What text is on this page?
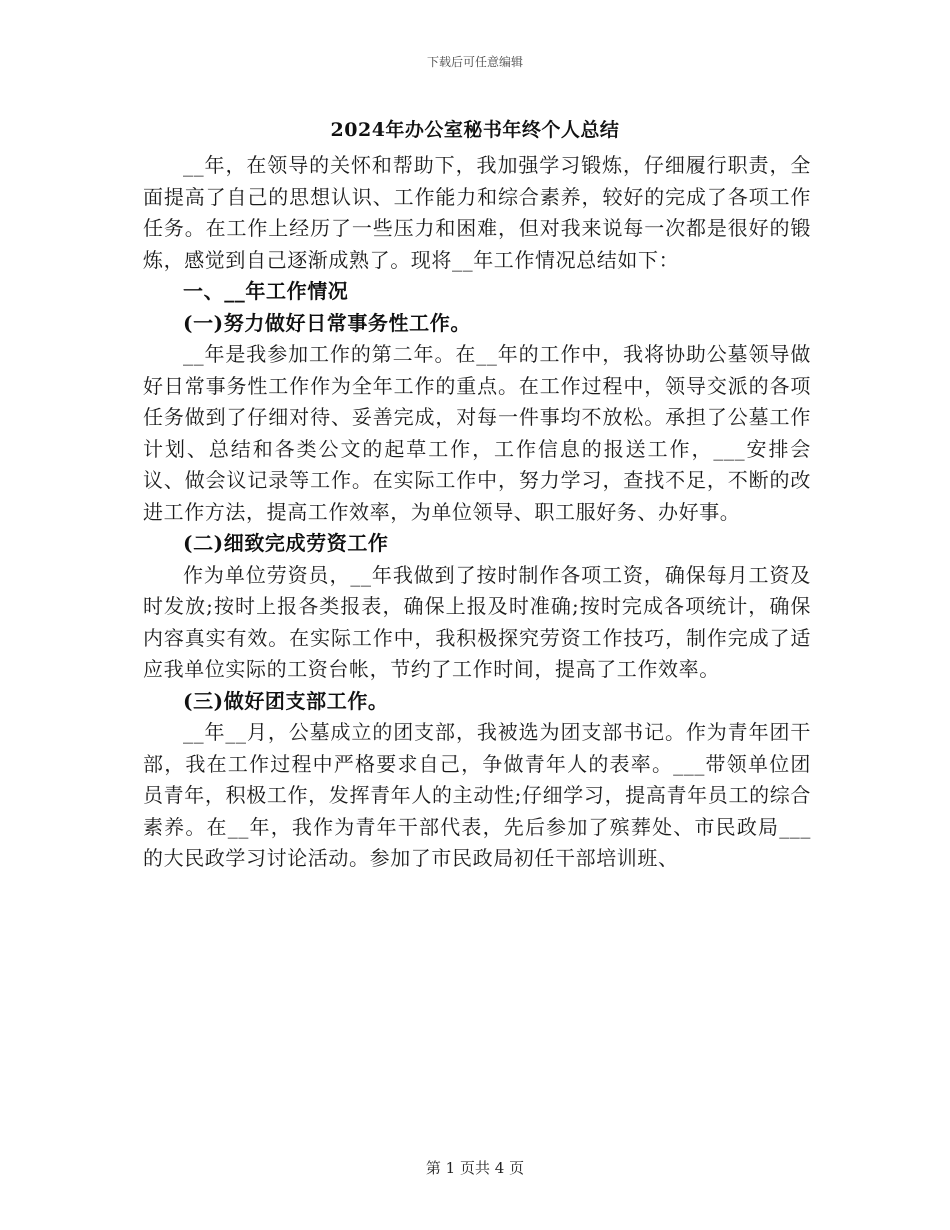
下载后可任意编辑
2024年办公室秘书年终个人总结

__年，在领导的关怀和帮助下，我加强学习锻炼，仔细履行职责，全面提高了自己的思想认识、工作能力和综合素养，较好的完成了各项工作任务。在工作上经历了一些压力和困难，但对我来说每一次都是很好的锻炼，感觉到自己逐渐成熟了。现将__年工作情况总结如下：

一、__年工作情况

(一)努力做好日常事务性工作。

__年是我参加工作的第二年。在__年的工作中，我将协助公墓领导做好日常事务性工作作为全年工作的重点。在工作过程中，领导交派的各项任务做到了仔细对待、妥善完成，对每一件事均不放松。承担了公墓工作计划、总结和各类公文的起草工作，工作信息的报送工作，___安排会议、做会议记录等工作。在实际工作中，努力学习，查找不足，不断的改进工作方法，提高工作效率，为单位领导、职工服好务、办好事。

(二)细致完成劳资工作

作为单位劳资员，__年我做到了按时制作各项工资，确保每月工资及时发放;按时上报各类报表，确保上报及时准确;按时完成各项统计，确保内容真实有效。在实际工作中，我积极探究劳资工作技巧，制作完成了适应我单位实际的工资台帐，节约了工作时间，提高了工作效率。

(三)做好团支部工作。

__年__月，公墓成立的团支部，我被选为团支部书记。作为青年团干部，我在工作过程中严格要求自己，争做青年人的表率。___带领单位团员青年，积极工作，发挥青年人的主动性;仔细学习，提高青年员工的综合素养。在__年，我作为青年干部代表，先后参加了殡葬处、市民政局___的大民政学习讨论活动。参加了市民政局初任干部培训班、

第 1 页共 4 页
